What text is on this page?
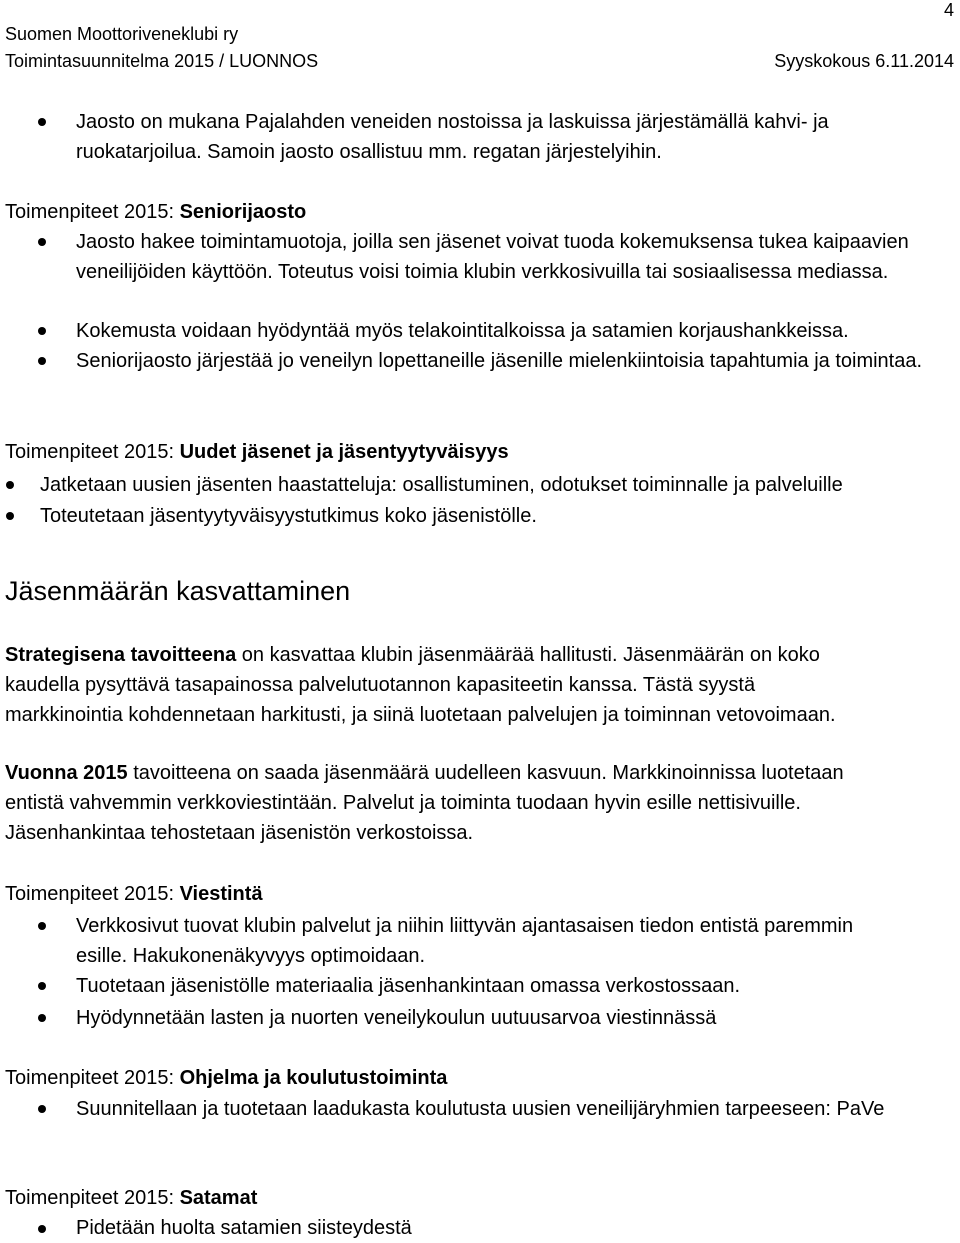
Suomen Moottoriveneklubi ry
Toimintasuunnitelma 2015 / LUONNOS
4
Syyskokous 6.11.2014
Jaosto on mukana Pajalahden veneiden nostoissa ja laskuissa järjestämällä kahvi- ja ruokatarjoilua. Samoin jaosto osallistuu mm. regatan järjestelyihin.
Toimenpiteet 2015: Seniorijaosto
Jaosto hakee toimintamuotoja, joilla sen jäsenet voivat tuoda kokemuksensa tukea kaipaavien veneilijöiden käyttöön. Toteutus voisi toimia klubin verkkosivuilla tai sosiaalisessa mediassa.
Kokemusta voidaan hyödyntää myös telakointitalkoissa ja satamien korjaushankkeissa.
Seniorijaosto järjestää jo veneilyn lopettaneille jäsenille mielenkiintoisia tapahtumia ja toimintaa.
Toimenpiteet 2015: Uudet jäsenet ja jäsentyytyväisyys
Jatketaan uusien jäsenten haastatteluja: osallistuminen, odotukset toiminnalle ja palveluille
Toteutetaan jäsentyytyväisyystutkimus koko jäsenistölle.
Jäsenmäärän kasvattaminen
Strategisena tavoitteena on kasvattaa klubin jäsenmäärää hallitusti. Jäsenmäärän on koko
kaudella pysyttävä tasapainossa palvelutuotannon kapasiteetin kanssa. Tästä syystä
markkinointia kohdennetaan harkitusti, ja siinä luotetaan palvelujen ja toiminnan vetovoimaan.
Vuonna 2015 tavoitteena on saada jäsenmäärä uudelleen kasvuun. Markkinoinnissa luotetaan
entistä vahvemmin verkkoviestintään. Palvelut ja toiminta tuodaan hyvin esille nettisivuille.
Jäsenhankintaa tehostetaan jäsenistön verkostoissa.
Toimenpiteet 2015: Viestintä
Verkkosivut tuovat klubin palvelut ja niihin liittyvän ajantasaisen tiedon entistä paremmin esille. Hakukonenäkyvyys optimoidaan.
Tuotetaan jäsenistölle materiaalia jäsenhankintaan omassa verkostossaan.
Hyödynnetään lasten ja nuorten veneilykoulun uutuusarvoa viestinnässä
Toimenpiteet 2015: Ohjelma ja koulutustoiminta
Suunnitellaan ja tuotetaan laadukasta koulutusta uusien veneilijäryhmien tarpeeseen: PaVe
Toimenpiteet 2015: Satamat
Pidetään huolta satamien siisteydestä
